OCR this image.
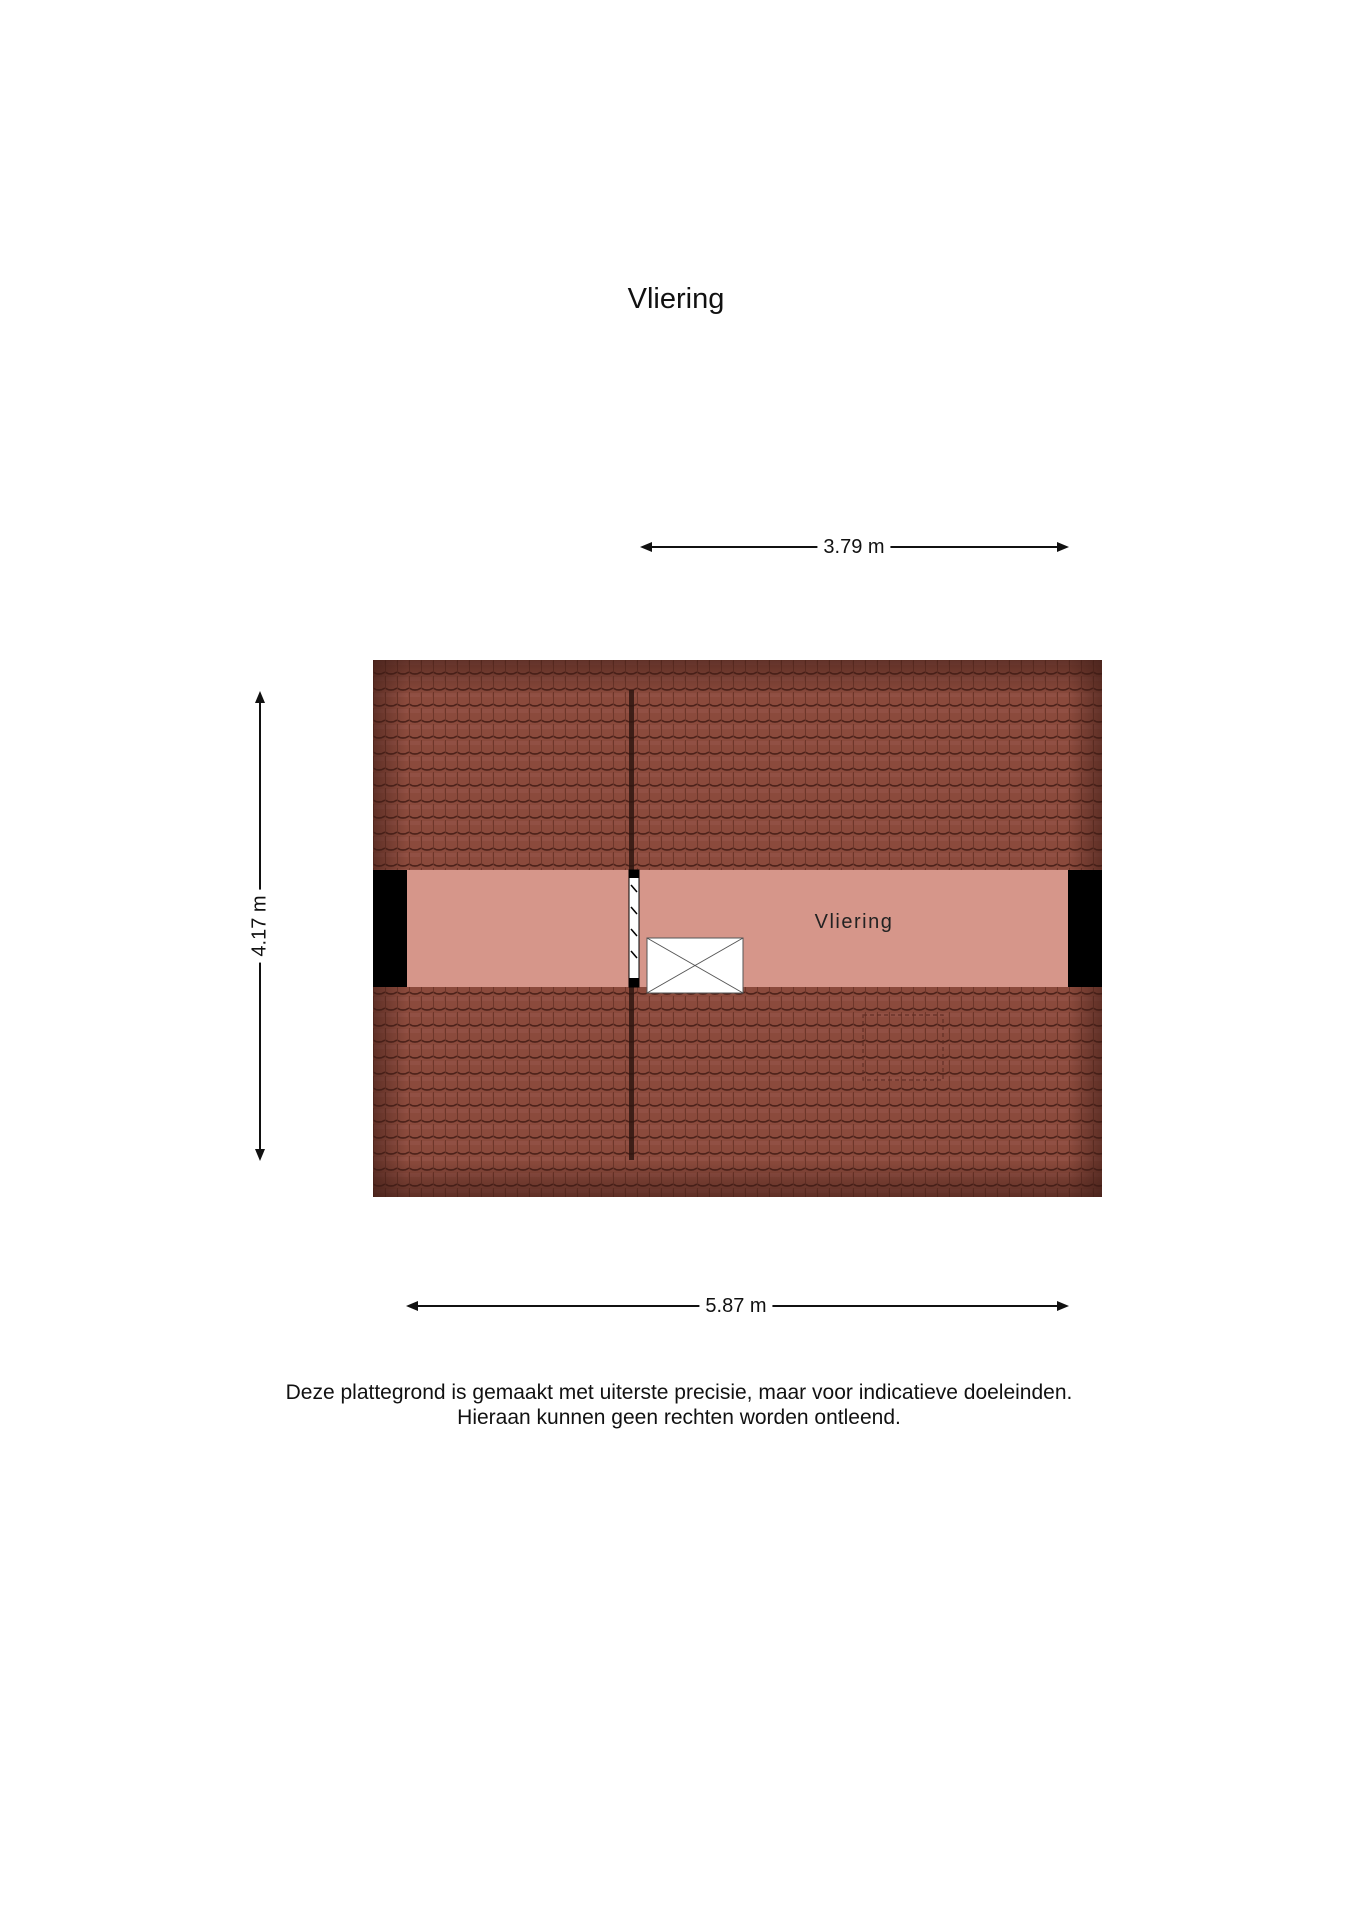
Vliering
3.79 m
4.17 m	Vliering
5.87 m
Deze plattegrond is gemaakt met uiterste precisie, maar voor indicatieve doeleinden.
Hieraan kunnen geen rechten worden ontleend.
